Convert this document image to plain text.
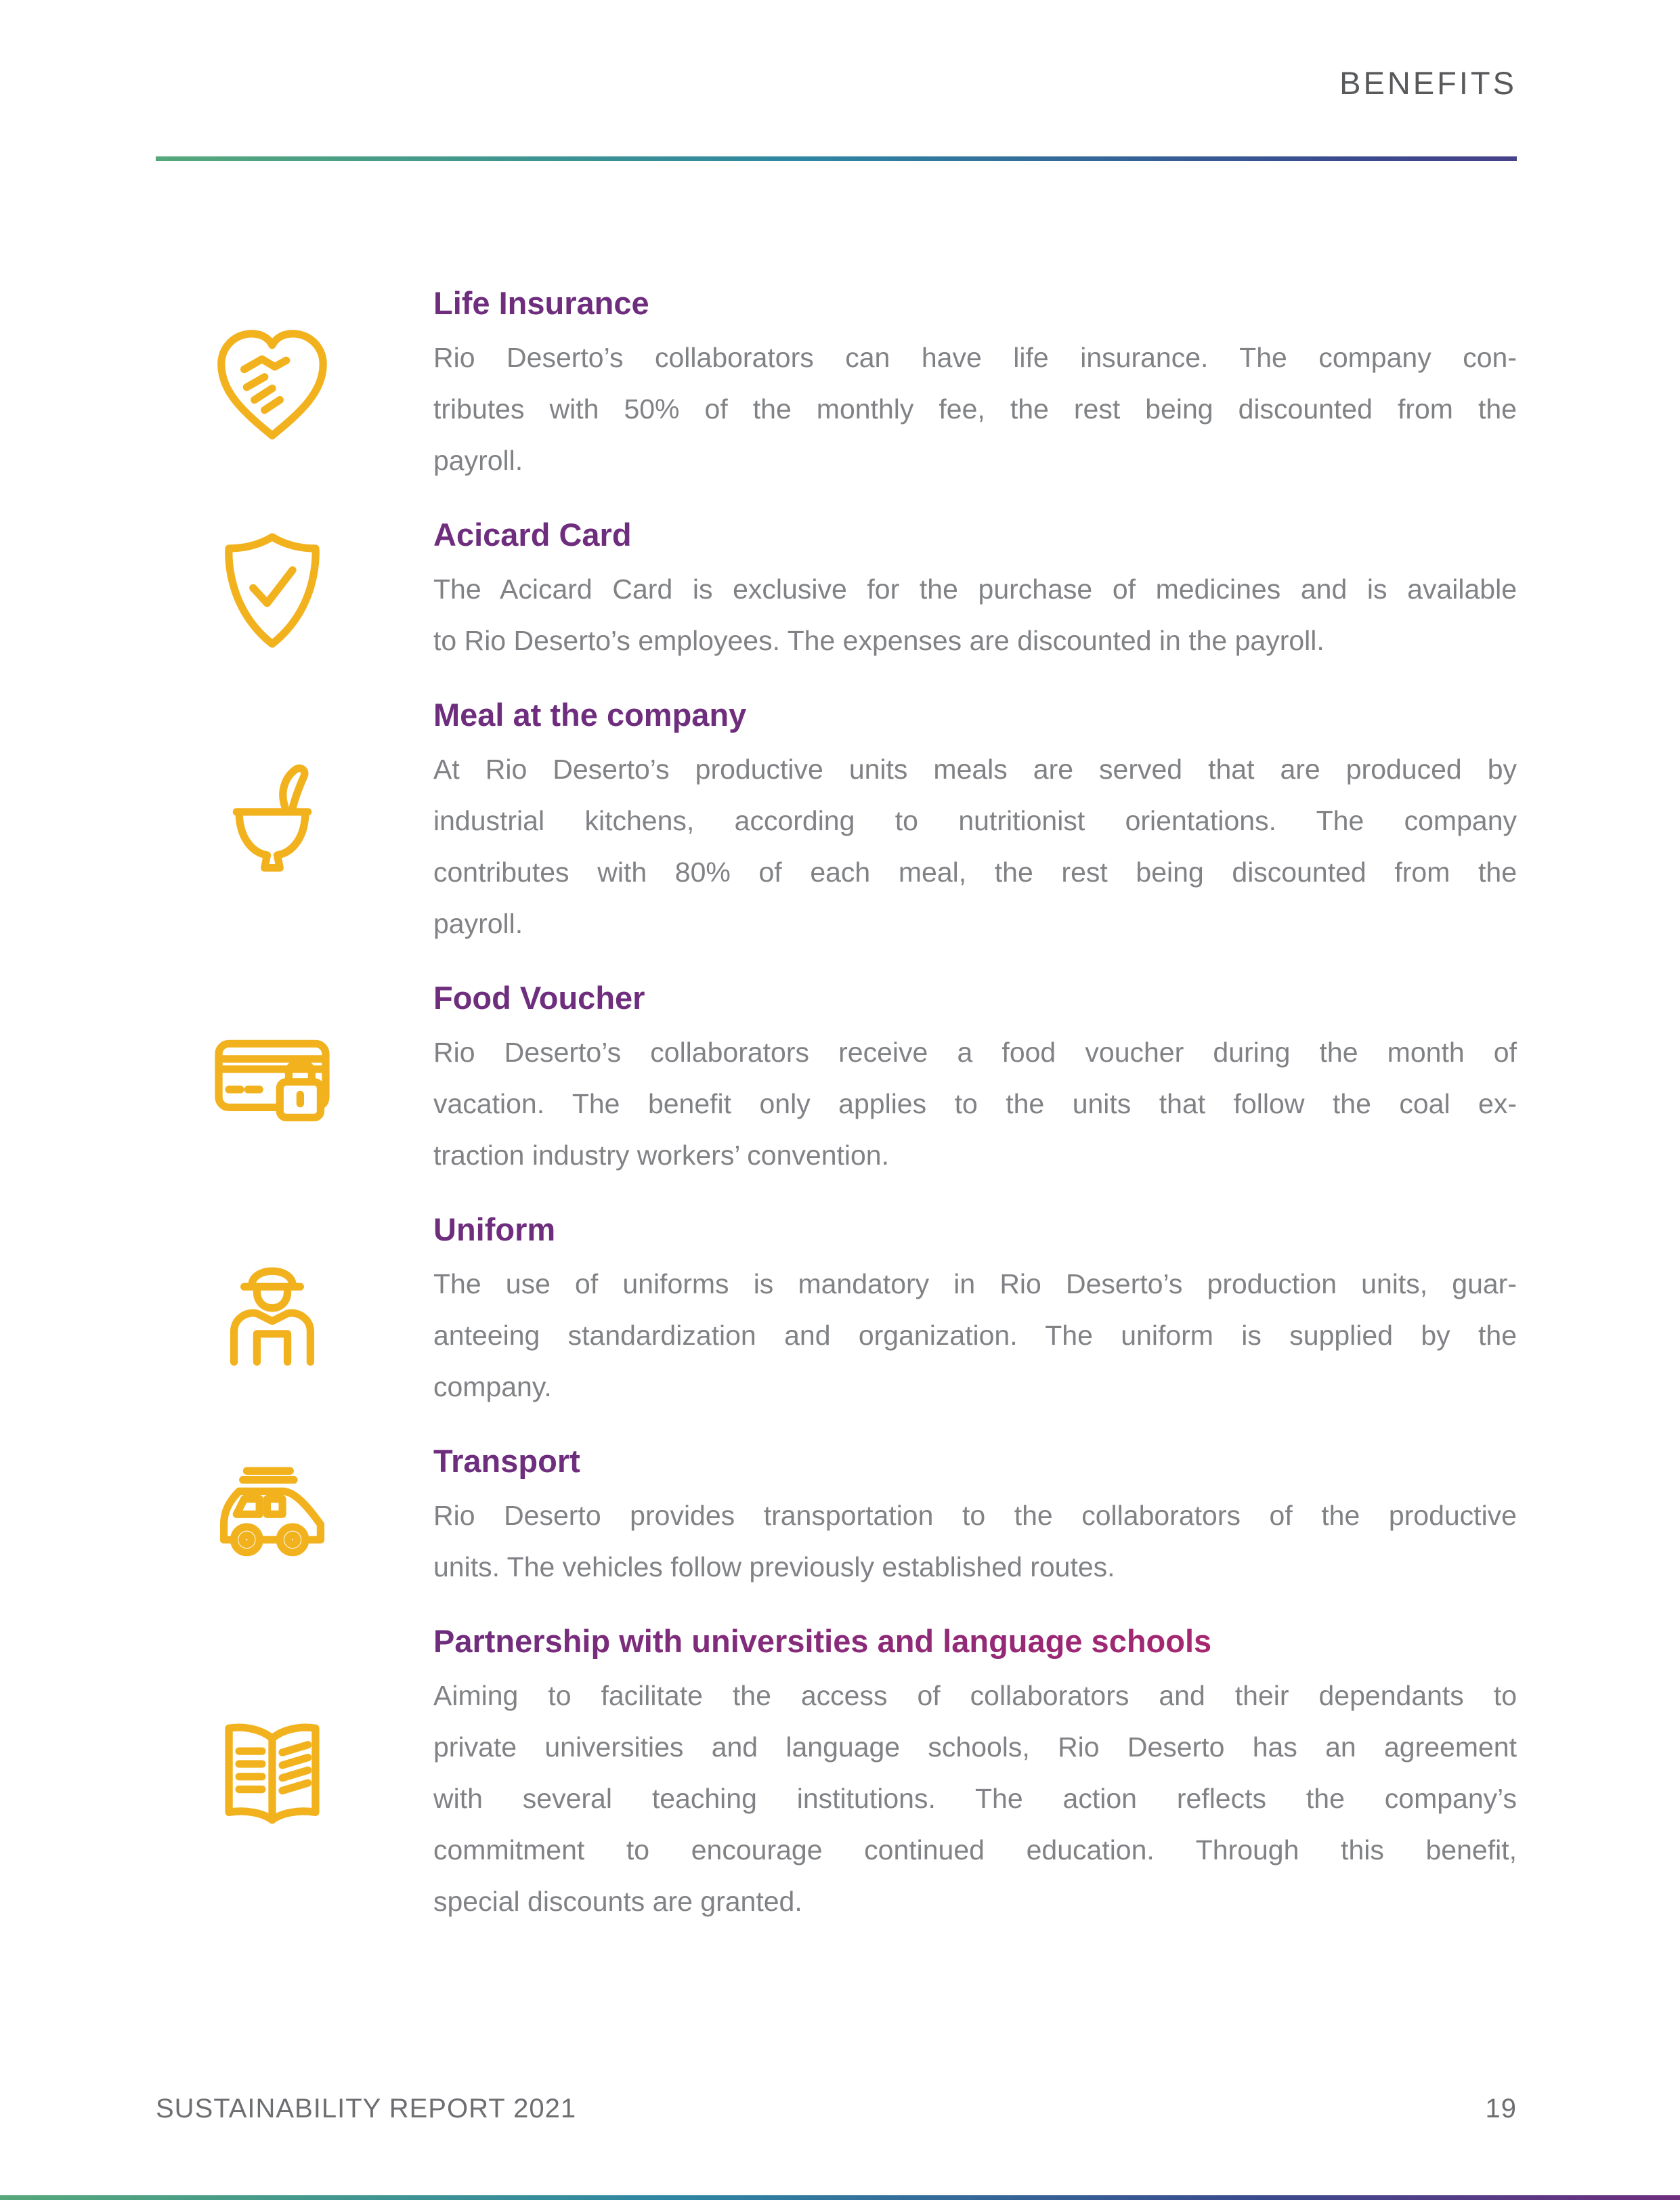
BENEFITS
Life Insurance
Rio Deserto’s collaborators can have life insurance. The company con-
tributes with 50% of the monthly fee, the rest being discounted from the
payroll.
Acicard Card
The Acicard Card is exclusive for the purchase of medicines and is available
to Rio Deserto’s employees. The expenses are discounted in the payroll.
Meal at the company
At Rio Deserto’s productive units meals are served that are produced by
industrial kitchens, according to nutritionist orientations. The company
contributes with 80% of each meal, the rest being discounted from the
payroll.
Food Voucher
Rio Deserto’s collaborators receive a food voucher during the month of
vacation. The benefit only applies to the units that follow the coal ex-
traction industry workers’ convention.
Uniform
The use of uniforms is mandatory in Rio Deserto’s production units, guar-
anteeing standardization and organization. The uniform is supplied by the
company.
Transport
Rio Deserto provides transportation to the collaborators of the productive
units. The vehicles follow previously established routes.
Partnership with universities and language schools
Aiming to facilitate the access of collaborators and their dependants to
private universities and language schools, Rio Deserto has an agreement
with several teaching institutions. The action reflects the company’s
commitment to encourage continued education. Through this benefit,
special discounts are granted.
SUSTAINABILITY REPORT 2021	19
